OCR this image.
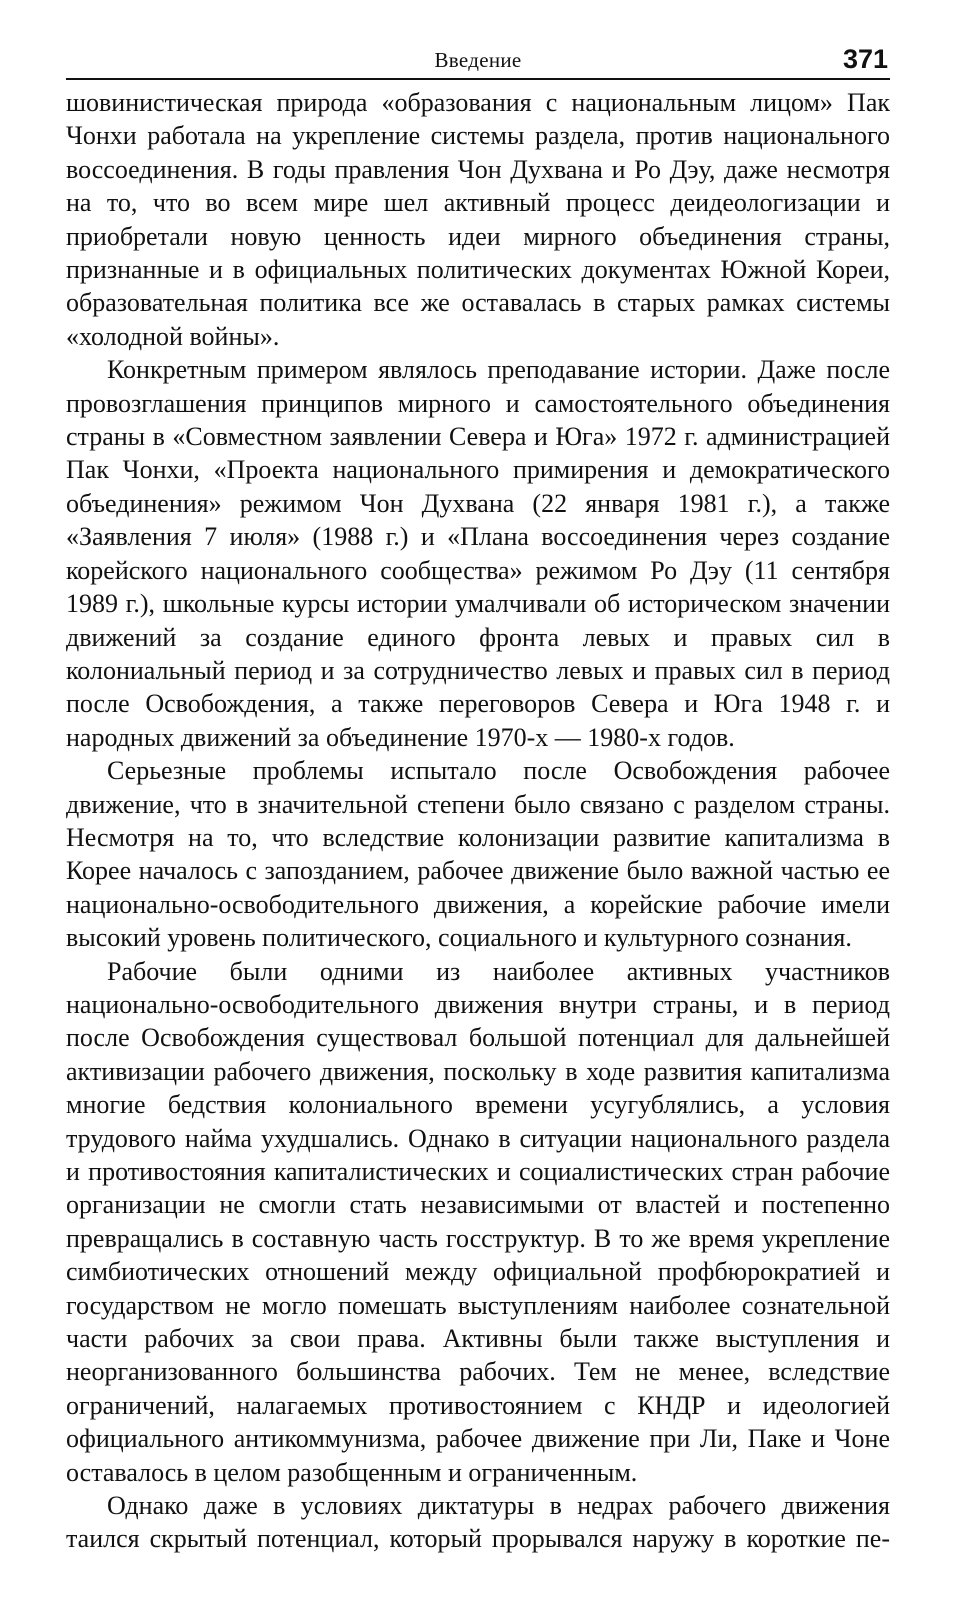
Введение	371

шовинистическая природа «образования с национальным лицом» Пак Чонхи работала на укрепление системы раздела, против национального воссоединения. В годы правления Чон Духвана и Ро Дэу, даже несмотря на то, что во всем мире шел активный процесс деидеологизации и приобретали новую ценность идеи мирного объединения страны, признанные и в официальных политических документах Южной Кореи, образовательная политика все же оставалась в старых рамках системы «холодной войны».

Конкретным примером являлось преподавание истории. Даже после провозглашения принципов мирного и самостоятельного объединения страны в «Совместном заявлении Севера и Юга» 1972 г. администрацией Пак Чонхи, «Проекта национального примирения и демократического объединения» режимом Чон Духвана (22 января 1981 г.), а также «Заявления 7 июля» (1988 г.) и «Плана воссоединения через создание корейского национального сообщества» режимом Ро Дэу (11 сентября 1989 г.), школьные курсы истории умалчивали об историческом значении движений за создание единого фронта левых и правых сил в колониальный период и за сотрудничество левых и правых сил в период после Освобождения, а также переговоров Севера и Юга 1948 г. и народных движений за объединение 1970-х — 1980-х годов.

Серьезные проблемы испытало после Освобождения рабочее движение, что в значительной степени было связано с разделом страны. Несмотря на то, что вследствие колонизации развитие капитализма в Корее началось с запозданием, рабочее движение было важной частью ее национально-освободительного движения, а корейские рабочие имели высокий уровень политического, социального и культурного сознания.

Рабочие были одними из наиболее активных участников национально-освободительного движения внутри страны, и в период после Освобождения существовал большой потенциал для дальнейшей активизации рабочего движения, поскольку в ходе развития капитализма многие бедствия колониального времени усугублялись, а условия трудового найма ухудшались. Однако в ситуации национального раздела и противостояния капиталистических и социалистических стран рабочие организации не смогли стать независимыми от властей и постепенно превращались в составную часть госструктур. В то же время укрепление симбиотических отношений между официальной профбюрократией и государством не могло помешать выступлениям наиболее сознательной части рабочих за свои права. Активны были также выступления и неорганизованного большинства рабочих. Тем не менее, вследствие ограничений, налагаемых противостоянием с КНДР и идеологией официального антикоммунизма, рабочее движение при Ли, Паке и Чоне оставалось в целом разобщенным и ограниченным.

Однако даже в условиях диктатуры в недрах рабочего движения таился скрытый потенциал, который прорывался наружу в короткие пе-
